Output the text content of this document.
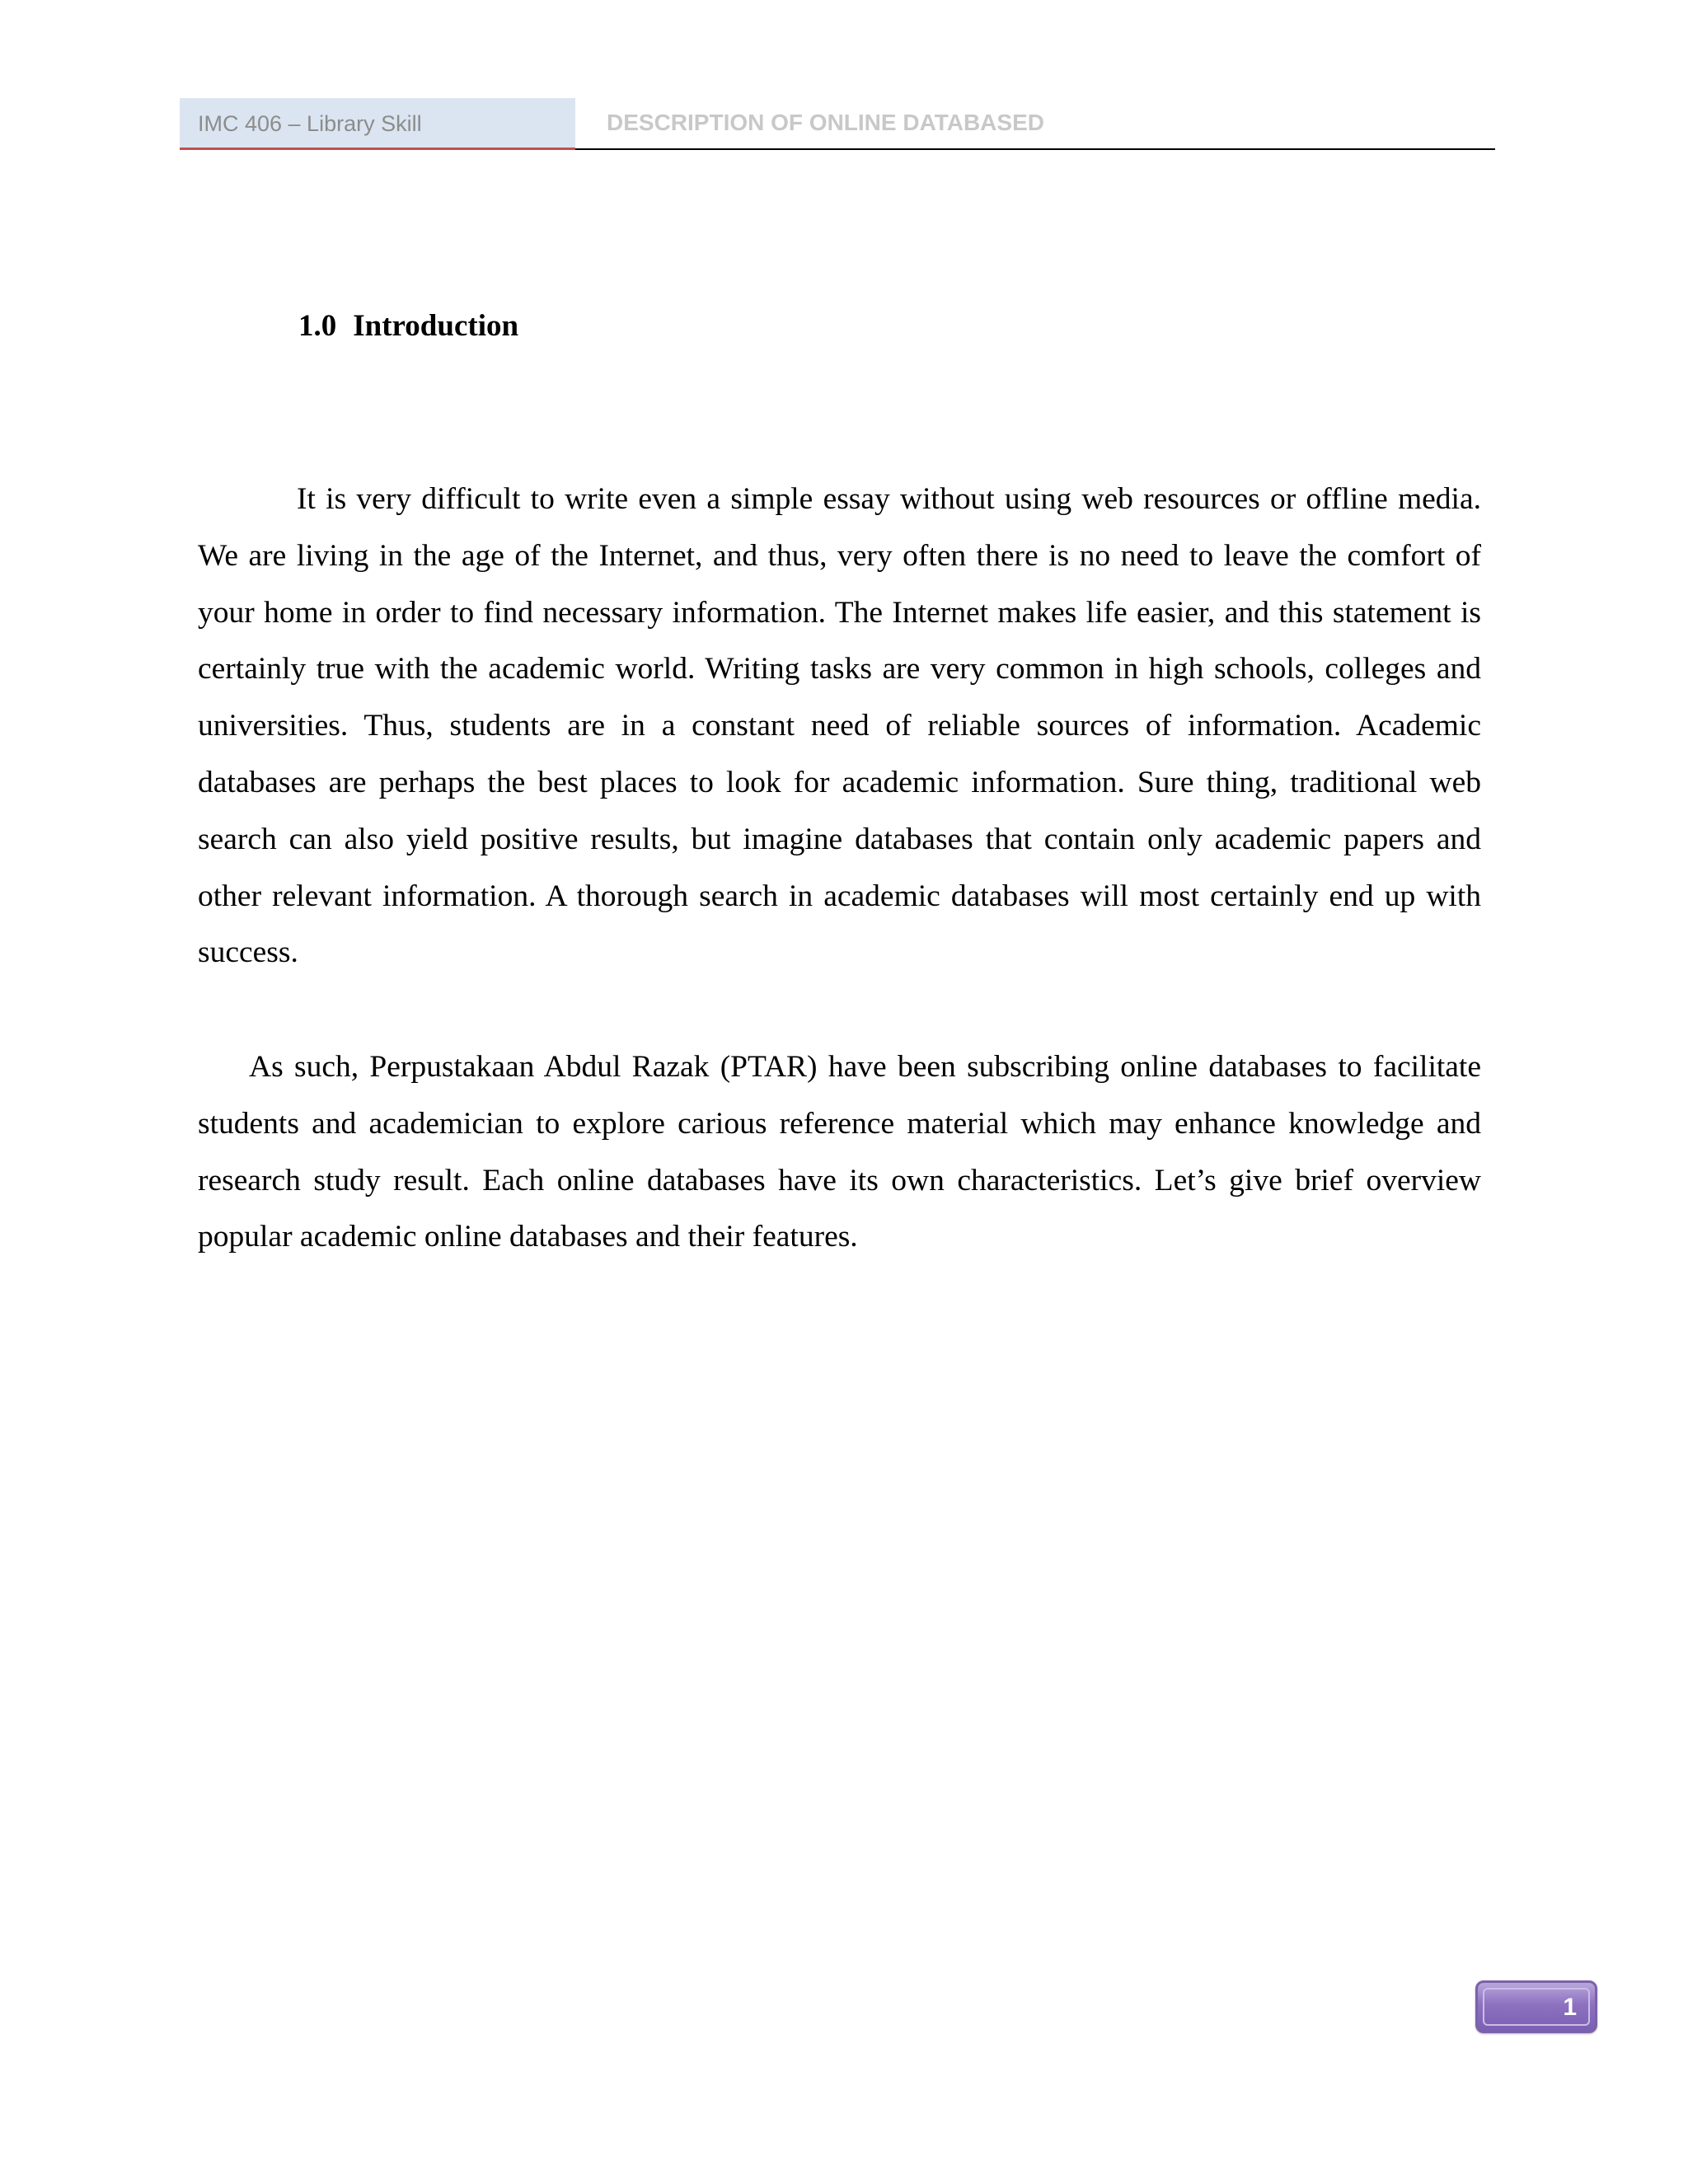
IMC 406 – Library Skill	DESCRIPTION OF ONLINE DATABASED
1.0 Introduction

It is very difficult to write even a simple essay without using web resources or offline media. We are living in the age of the Internet, and thus, very often there is no need to leave the comfort of your home in order to find necessary information. The Internet makes life easier, and this statement is certainly true with the academic world. Writing tasks are very common in high schools, colleges and universities. Thus, students are in a constant need of reliable sources of information. Academic databases are perhaps the best places to look for academic information. Sure thing, traditional web search can also yield positive results, but imagine databases that contain only academic papers and other relevant information. A thorough search in academic databases will most certainly end up with success.

As such, Perpustakaan Abdul Razak (PTAR) have been subscribing online databases to facilitate students and academician to explore carious reference material which may enhance knowledge and research study result. Each online databases have its own characteristics. Let’s give brief overview popular academic online databases and their features.

1
